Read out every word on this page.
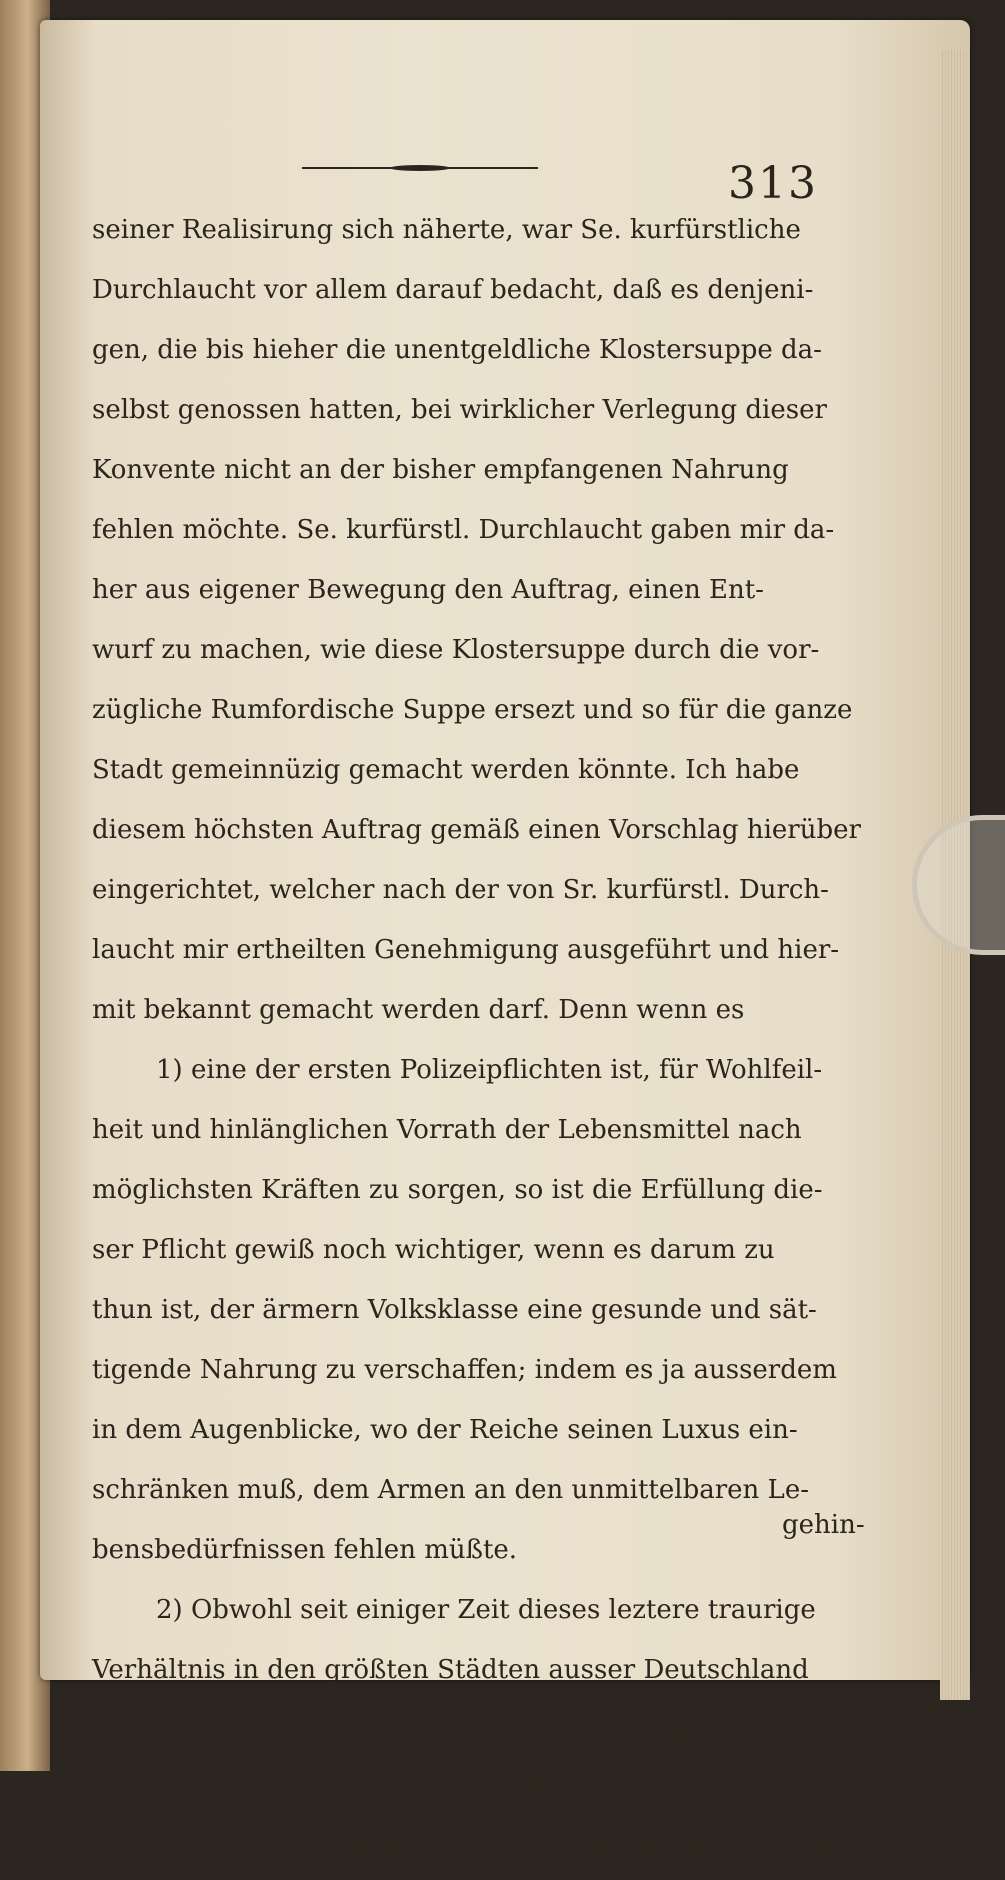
313
seiner Realisirung sich näherte, war Se. kurfürstliche
Durchlaucht vor allem darauf bedacht, daß es denjeni-
gen, die bis hieher die unentgeldliche Klostersuppe da-
selbst genossen hatten, bei wirklicher Verlegung dieser
Konvente nicht an der bisher empfangenen Nahrung
fehlen möchte. Se. kurfürstl. Durchlaucht gaben mir da-
her aus eigener Bewegung den Auftrag, einen Ent-
wurf zu machen, wie diese Klostersuppe durch die vor-
zügliche Rumfordische Suppe ersezt und so für die ganze
Stadt gemeinnüzig gemacht werden könnte. Ich habe
diesem höchsten Auftrag gemäß einen Vorschlag hierüber
eingerichtet, welcher nach der von Sr. kurfürstl. Durch-
laucht mir ertheilten Genehmigung ausgeführt und hier-
mit bekannt gemacht werden darf. Denn wenn es
1) eine der ersten Polizeipflichten ist, für Wohlfeil-
heit und hinlänglichen Vorrath der Lebensmittel nach
möglichsten Kräften zu sorgen, so ist die Erfüllung die-
ser Pflicht gewiß noch wichtiger, wenn es darum zu
thun ist, der ärmern Volksklasse eine gesunde und sät-
tigende Nahrung zu verschaffen; indem es ja ausserdem
in dem Augenblicke, wo der Reiche seinen Luxus ein-
schränken muß, dem Armen an den unmittelbaren Le-
bensbedürfnissen fehlen müßte.
2) Obwohl seit einiger Zeit dieses leztere traurige
Verhältnis in den größten Städten ausser Deutschland
eingetreten ist, so waren doch in München gewiß we-
nige, die hungerten, und dis aus der natürlichen Ur-
sache, weil Niemand an seinem rechtlichen Broderwerb
gehin-
